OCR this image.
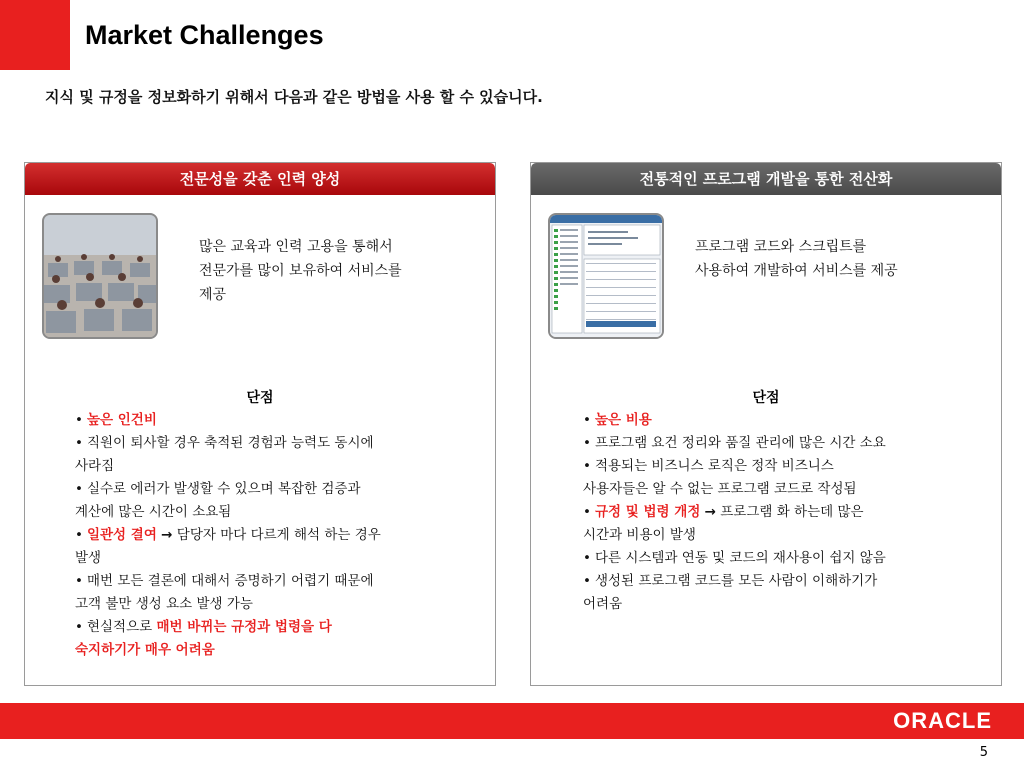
Market Challenges
지식 및 규정을 정보화하기 위해서 다음과 같은 방법을 사용 할 수 있습니다.
전문성을 갖춘 인력 양성
많은 교육과 인력 고용을 통해서
전문가를 많이 보유하여 서비스를
제공
단점
• 높은 인건비
• 직원이 퇴사할 경우 축적된 경험과 능력도 동시에
사라짐
• 실수로 에러가 발생할 수 있으며 복잡한 검증과
계산에 많은 시간이 소요됨
• 일관성 결여 → 담당자 마다 다르게 해석 하는 경우
발생
• 매번 모든 결론에 대해서 증명하기 어렵기 때문에
고객 불만 생성 요소 발생 가능
• 현실적으로 매번 바뀌는 규정과 법령을 다
숙지하기가 매우 어려움
전통적인 프로그램 개발을 통한 전산화
프로그램 코드와 스크립트를
사용하여 개발하여 서비스를 제공
단점
• 높은 비용
• 프로그램 요건 정리와 품질 관리에 많은 시간 소요
• 적용되는 비즈니스 로직은 정작 비즈니스
사용자들은 알 수 없는 프로그램 코드로 작성됨
• 규정 및 법령 개정 → 프로그램 화 하는데 많은
시간과 비용이 발생
• 다른 시스템과 연동 및 코드의 재사용이 쉽지 않음
• 생성된 프로그램 코드를 모든 사람이 이해하기가
어려움
ORACLE
5
